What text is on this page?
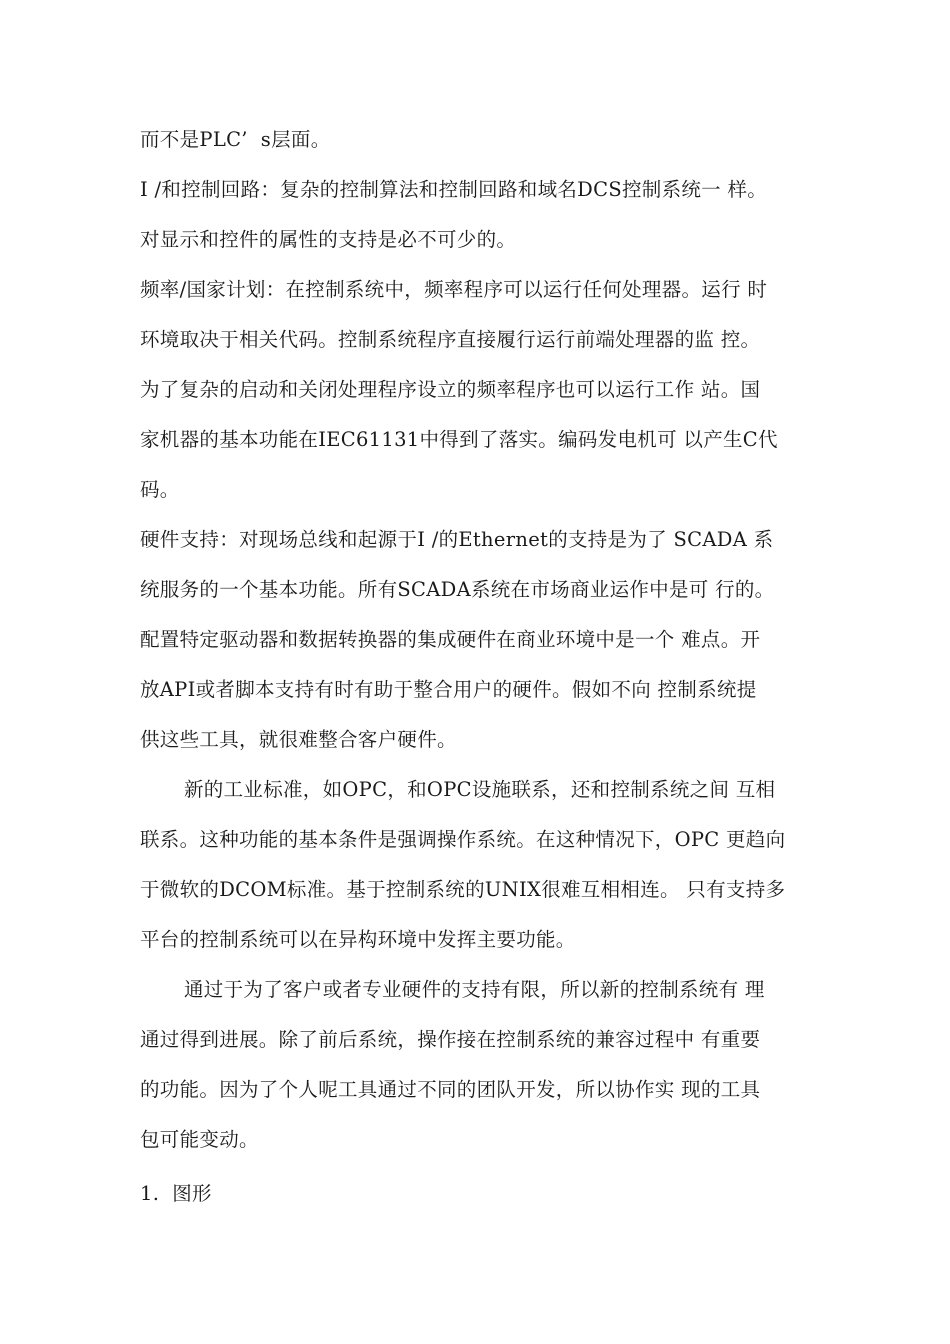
而不是PLC’  s层面。
I /和控制回路：复杂的控制算法和控制回路和域名DCS控制系统一 样。
对显示和控件的属性的支持是必不可少的。
频率/国家计划：在控制系统中，频率程序可以运行任何处理器。运行 时
环境取决于相关代码。控制系统程序直接履行运行前端处理器的监 控。
为了复杂的启动和关闭处理程序设立的频率程序也可以运行工作 站。国
家机器的基本功能在IEC61131中得到了落实。编码发电机可 以产生C代
码。
硬件支持：对现场总线和起源于I /的Ethernet的支持是为了 SCADA 系
统服务的一个基本功能。所有SCADA系统在市场商业运作中是可 行的。
配置特定驱动器和数据转换器的集成硬件在商业环境中是一个 难点。开
放API或者脚本支持有时有助于整合用户的硬件。假如不向 控制系统提
供这些工具，就很难整合客户硬件。
新的工业标准，如OPC，和OPC设施联系，还和控制系统之间 互相
联系。这种功能的基本条件是强调操作系统。在这种情况下，OPC 更趋向
于微软的DCOM标准。基于控制系统的UNIX很难互相相连。 只有支持多
平台的控制系统可以在异构环境中发挥主要功能。
通过于为了客户或者专业硬件的支持有限，所以新的控制系统有 理
通过得到进展。除了前后系统，操作接在控制系统的兼容过程中 有重要
的功能。因为了个人呢工具通过不同的团队开发，所以协作实 现的工具
包可能变动。
1.  图形
